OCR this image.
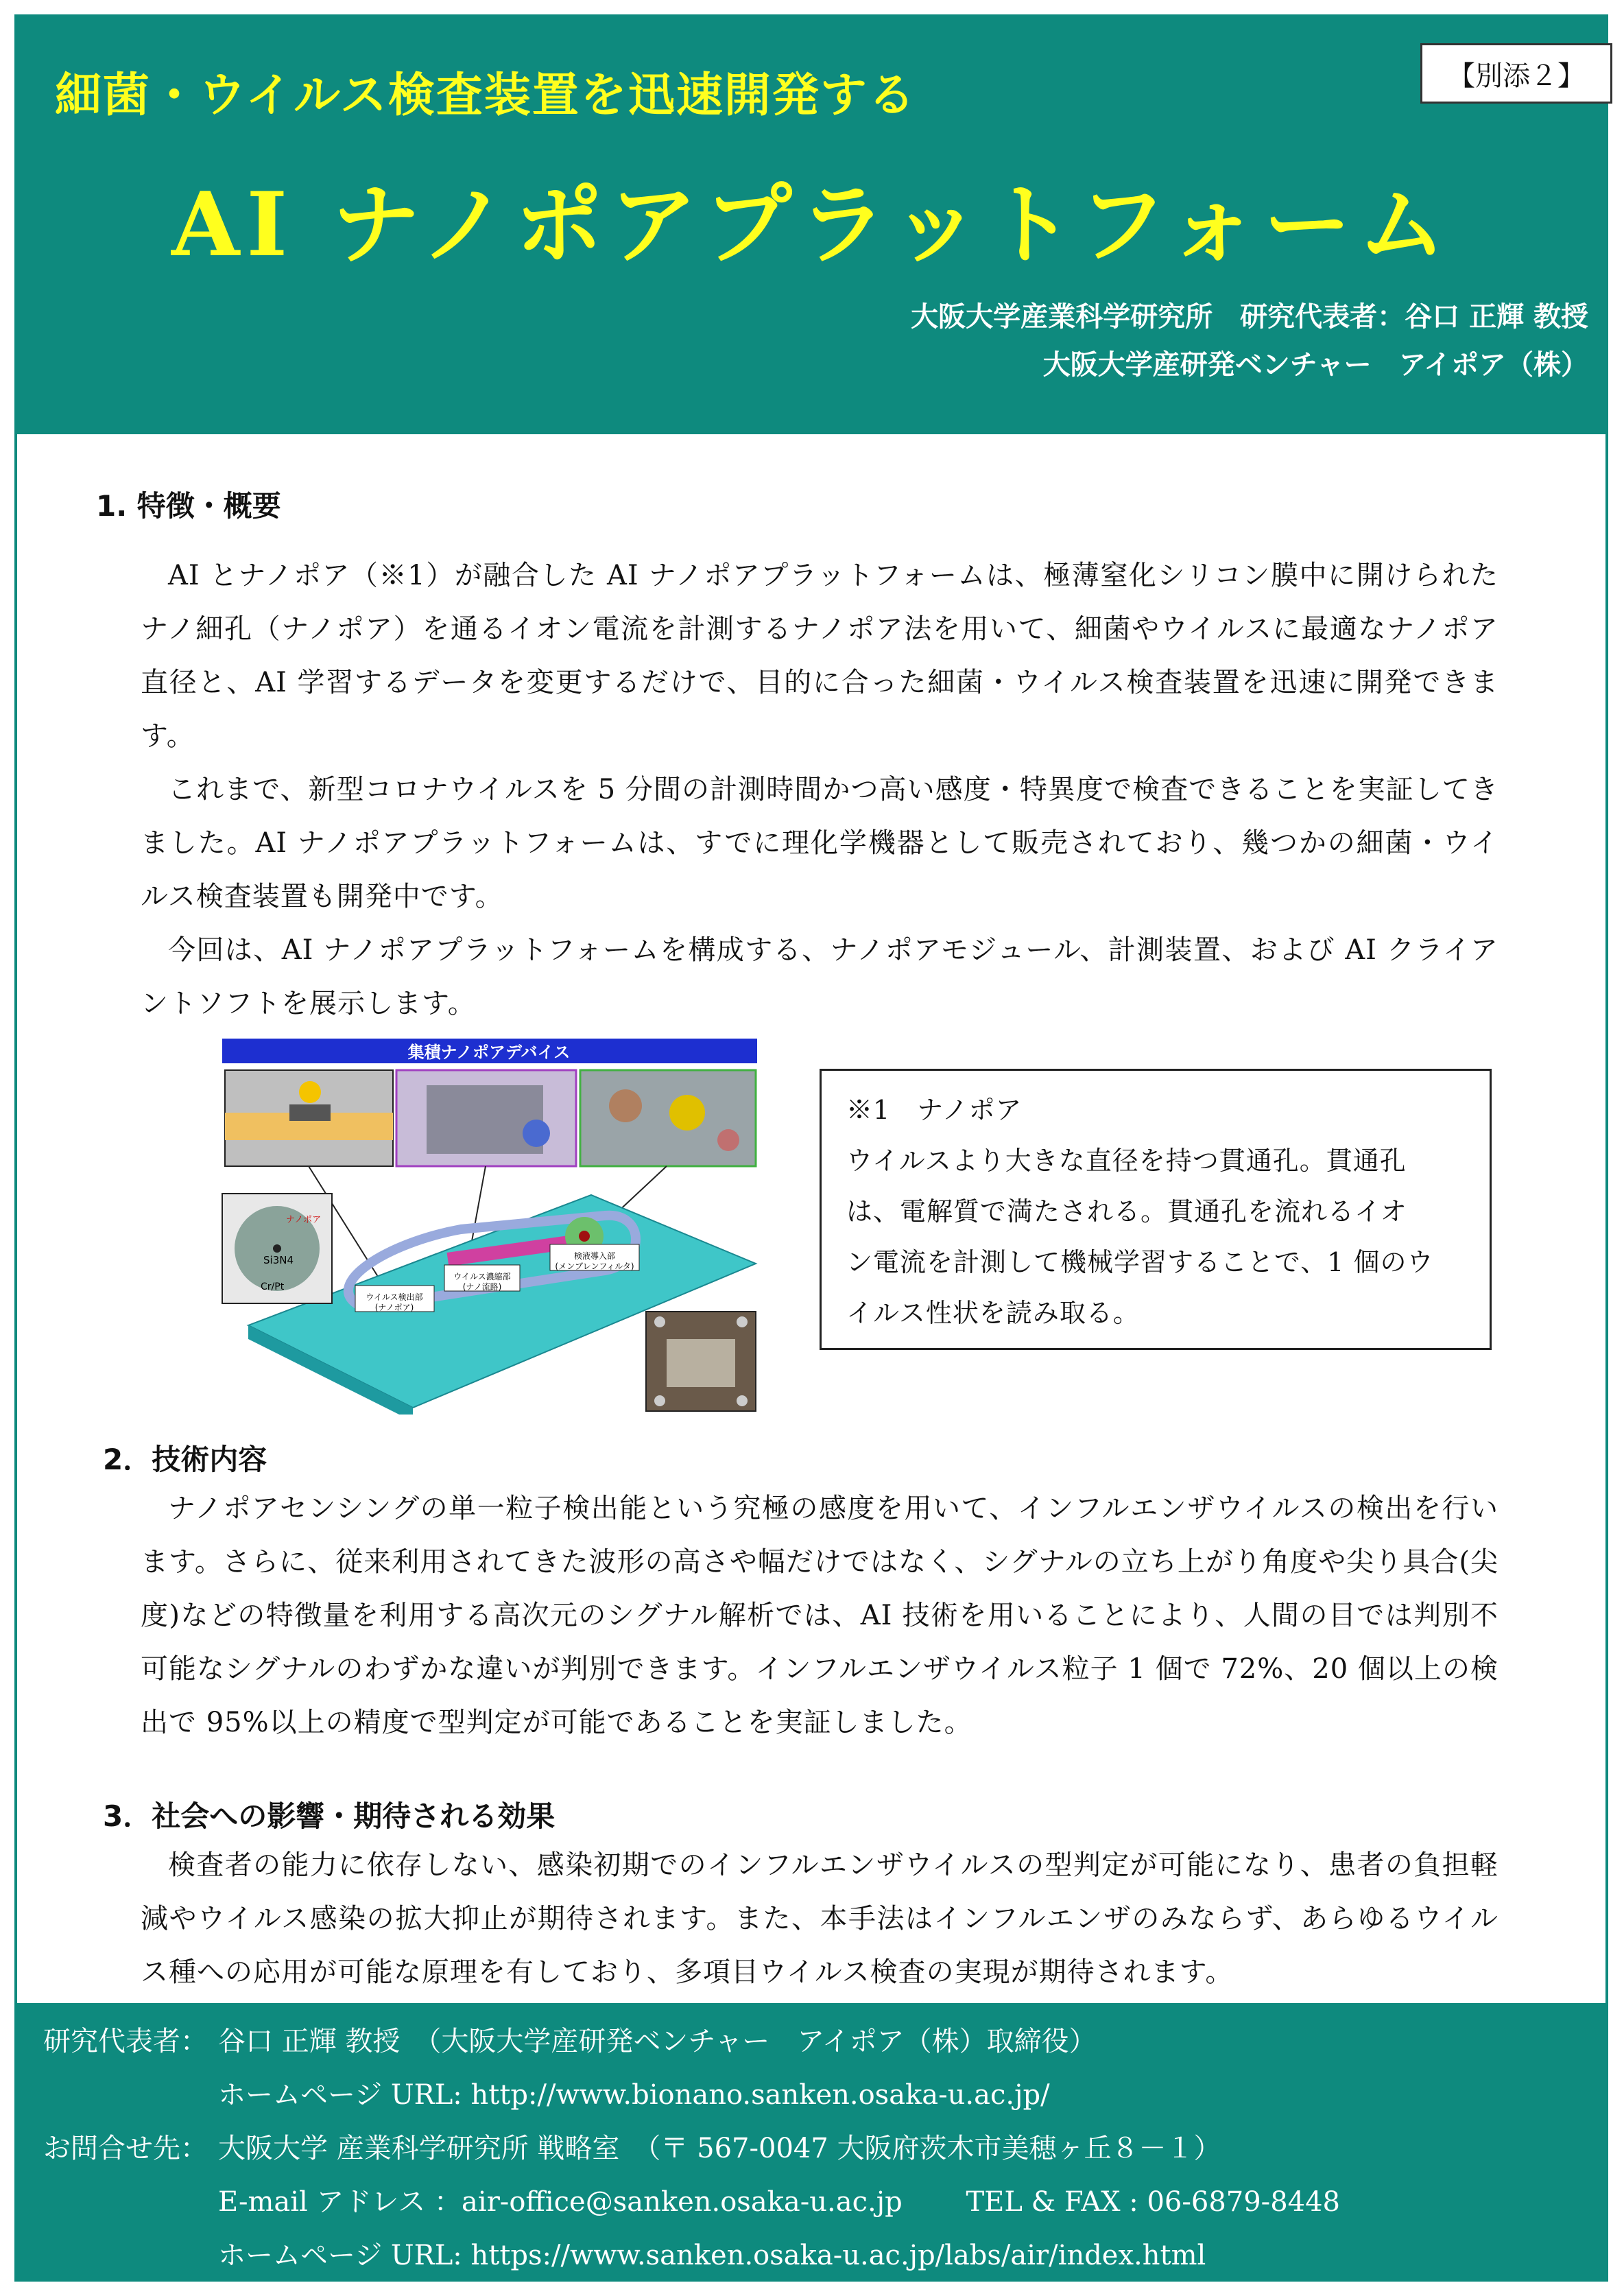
細菌・ウイルス検査装置を迅速開発する	【別添２】
AI ナノポアプラットフォーム
大阪大学産業科学研究所　研究代表者：谷口 正輝 教授
大阪大学産研発ベンチャー　アイポア（株）
1. 特徴・概要
AI とナノポア（※1）が融合した AI ナノポアプラットフォームは、極薄窒化シリコン膜中に開けられたナノ細孔（ナノポア）を通るイオン電流を計測するナノポア法を用いて、細菌やウイルスに最適なナノポア直径と、AI 学習するデータを変更するだけで、目的に合った細菌・ウイルス検査装置を迅速に開発できます。
これまで、新型コロナウイルスを 5 分間の計測時間かつ高い感度・特異度で検査できることを実証してきました。AI ナノポアプラットフォームは、すでに理化学機器として販売されており、幾つかの細菌・ウイルス検査装置も開発中です。
今回は、AI ナノポアプラットフォームを構成する、ナノポアモジュール、計測装置、および AI クライアントソフトを展示します。
集積ナノポアデバイス
ナノポア
Si3N4
Cr/Pt
ウイルス検出部(ナノポア)
ウイルス濃縮部(ナノ流路)
検液導入部(メンブレンフィルタ)
※1　ナノポア
ウイルスより大きな直径を持つ貫通孔。貫通孔
は、電解質で満たされる。貫通孔を流れるイオ
ン電流を計測して機械学習することで、1 個のウ
イルス性状を読み取る。
2．技術内容
ナノポアセンシングの単一粒子検出能という究極の感度を用いて、インフルエンザウイルスの検出を行います。さらに、従来利用されてきた波形の高さや幅だけではなく、シグナルの立ち上がり角度や尖り具合(尖度)などの特徴量を利用する高次元のシグナル解析では、AI 技術を用いることにより、人間の目では判別不可能なシグナルのわずかな違いが判別できます。インフルエンザウイルス粒子 1 個で 72%、20 個以上の検出で 95%以上の精度で型判定が可能であることを実証しました。
3．社会への影響・期待される効果
検査者の能力に依存しない、感染初期でのインフルエンザウイルスの型判定が可能になり、患者の負担軽減やウイルス感染の拡大抑止が期待されます。また、本手法はインフルエンザのみならず、あらゆるウイルス種への応用が可能な原理を有しており、多項目ウイルス検査の実現が期待されます。
研究代表者： 谷口 正輝 教授　（大阪大学産研発ベンチャー　アイポア（株）取締役）
ホームページ URL: http://www.bionano.sanken.osaka-u.ac.jp/
お問合せ先： 大阪大学 産業科学研究所 戦略室　（〒 567-0047 大阪府茨木市美穂ヶ丘８－１）
E-mail アドレス ：air-office@sanken.osaka-u.ac.jp　　 TEL & FAX : 06-6879-8448
ホームページ URL: https://www.sanken.osaka-u.ac.jp/labs/air/index.html
